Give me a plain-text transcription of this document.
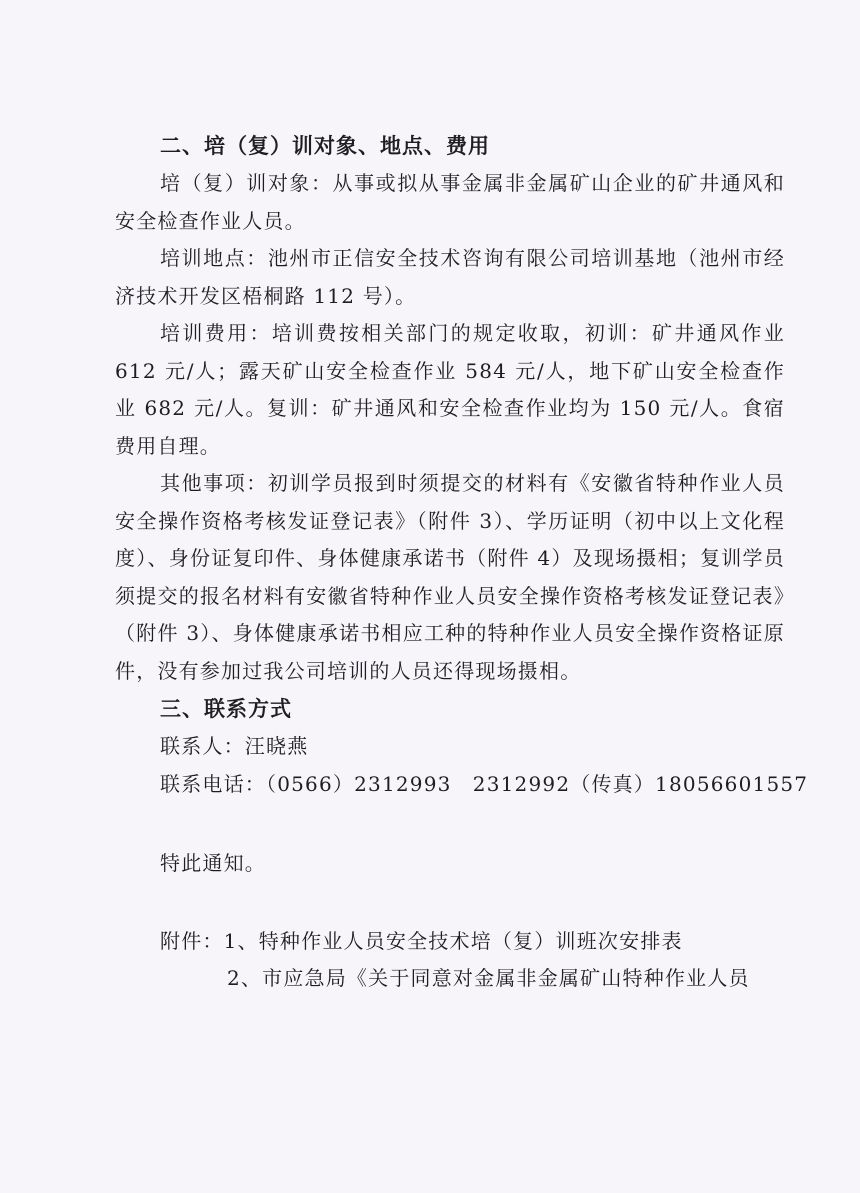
二、培（复）训对象、地点、费用

培（复）训对象：从事或拟从事金属非金属矿山企业的矿井通风和安全检查作业人员。

培训地点：池州市正信安全技术咨询有限公司培训基地（池州市经济技术开发区梧桐路 112 号）。

培训费用：培训费按相关部门的规定收取，初训：矿井通风作业 612 元/人；露天矿山安全检查作业 584 元/人，地下矿山安全检查作业 682 元/人。复训：矿井通风和安全检查作业均为 150 元/人。食宿费用自理。

其他事项：初训学员报到时须提交的材料有《安徽省特种作业人员安全操作资格考核发证登记表》（附件 3）、学历证明（初中以上文化程度）、身份证复印件、身体健康承诺书（附件 4）及现场摄相；复训学员须提交的报名材料有安徽省特种作业人员安全操作资格考核发证登记表》（附件 3）、身体健康承诺书相应工种的特种作业人员安全操作资格证原件，没有参加过我公司培训的人员还得现场摄相。

三、联系方式

联系人：汪晓燕

联系电话：（0566）2312993　2312992（传真）18056601557

特此通知。

附件：1、特种作业人员安全技术培（复）训班次安排表

2、市应急局《关于同意对金属非金属矿山特种作业人员
